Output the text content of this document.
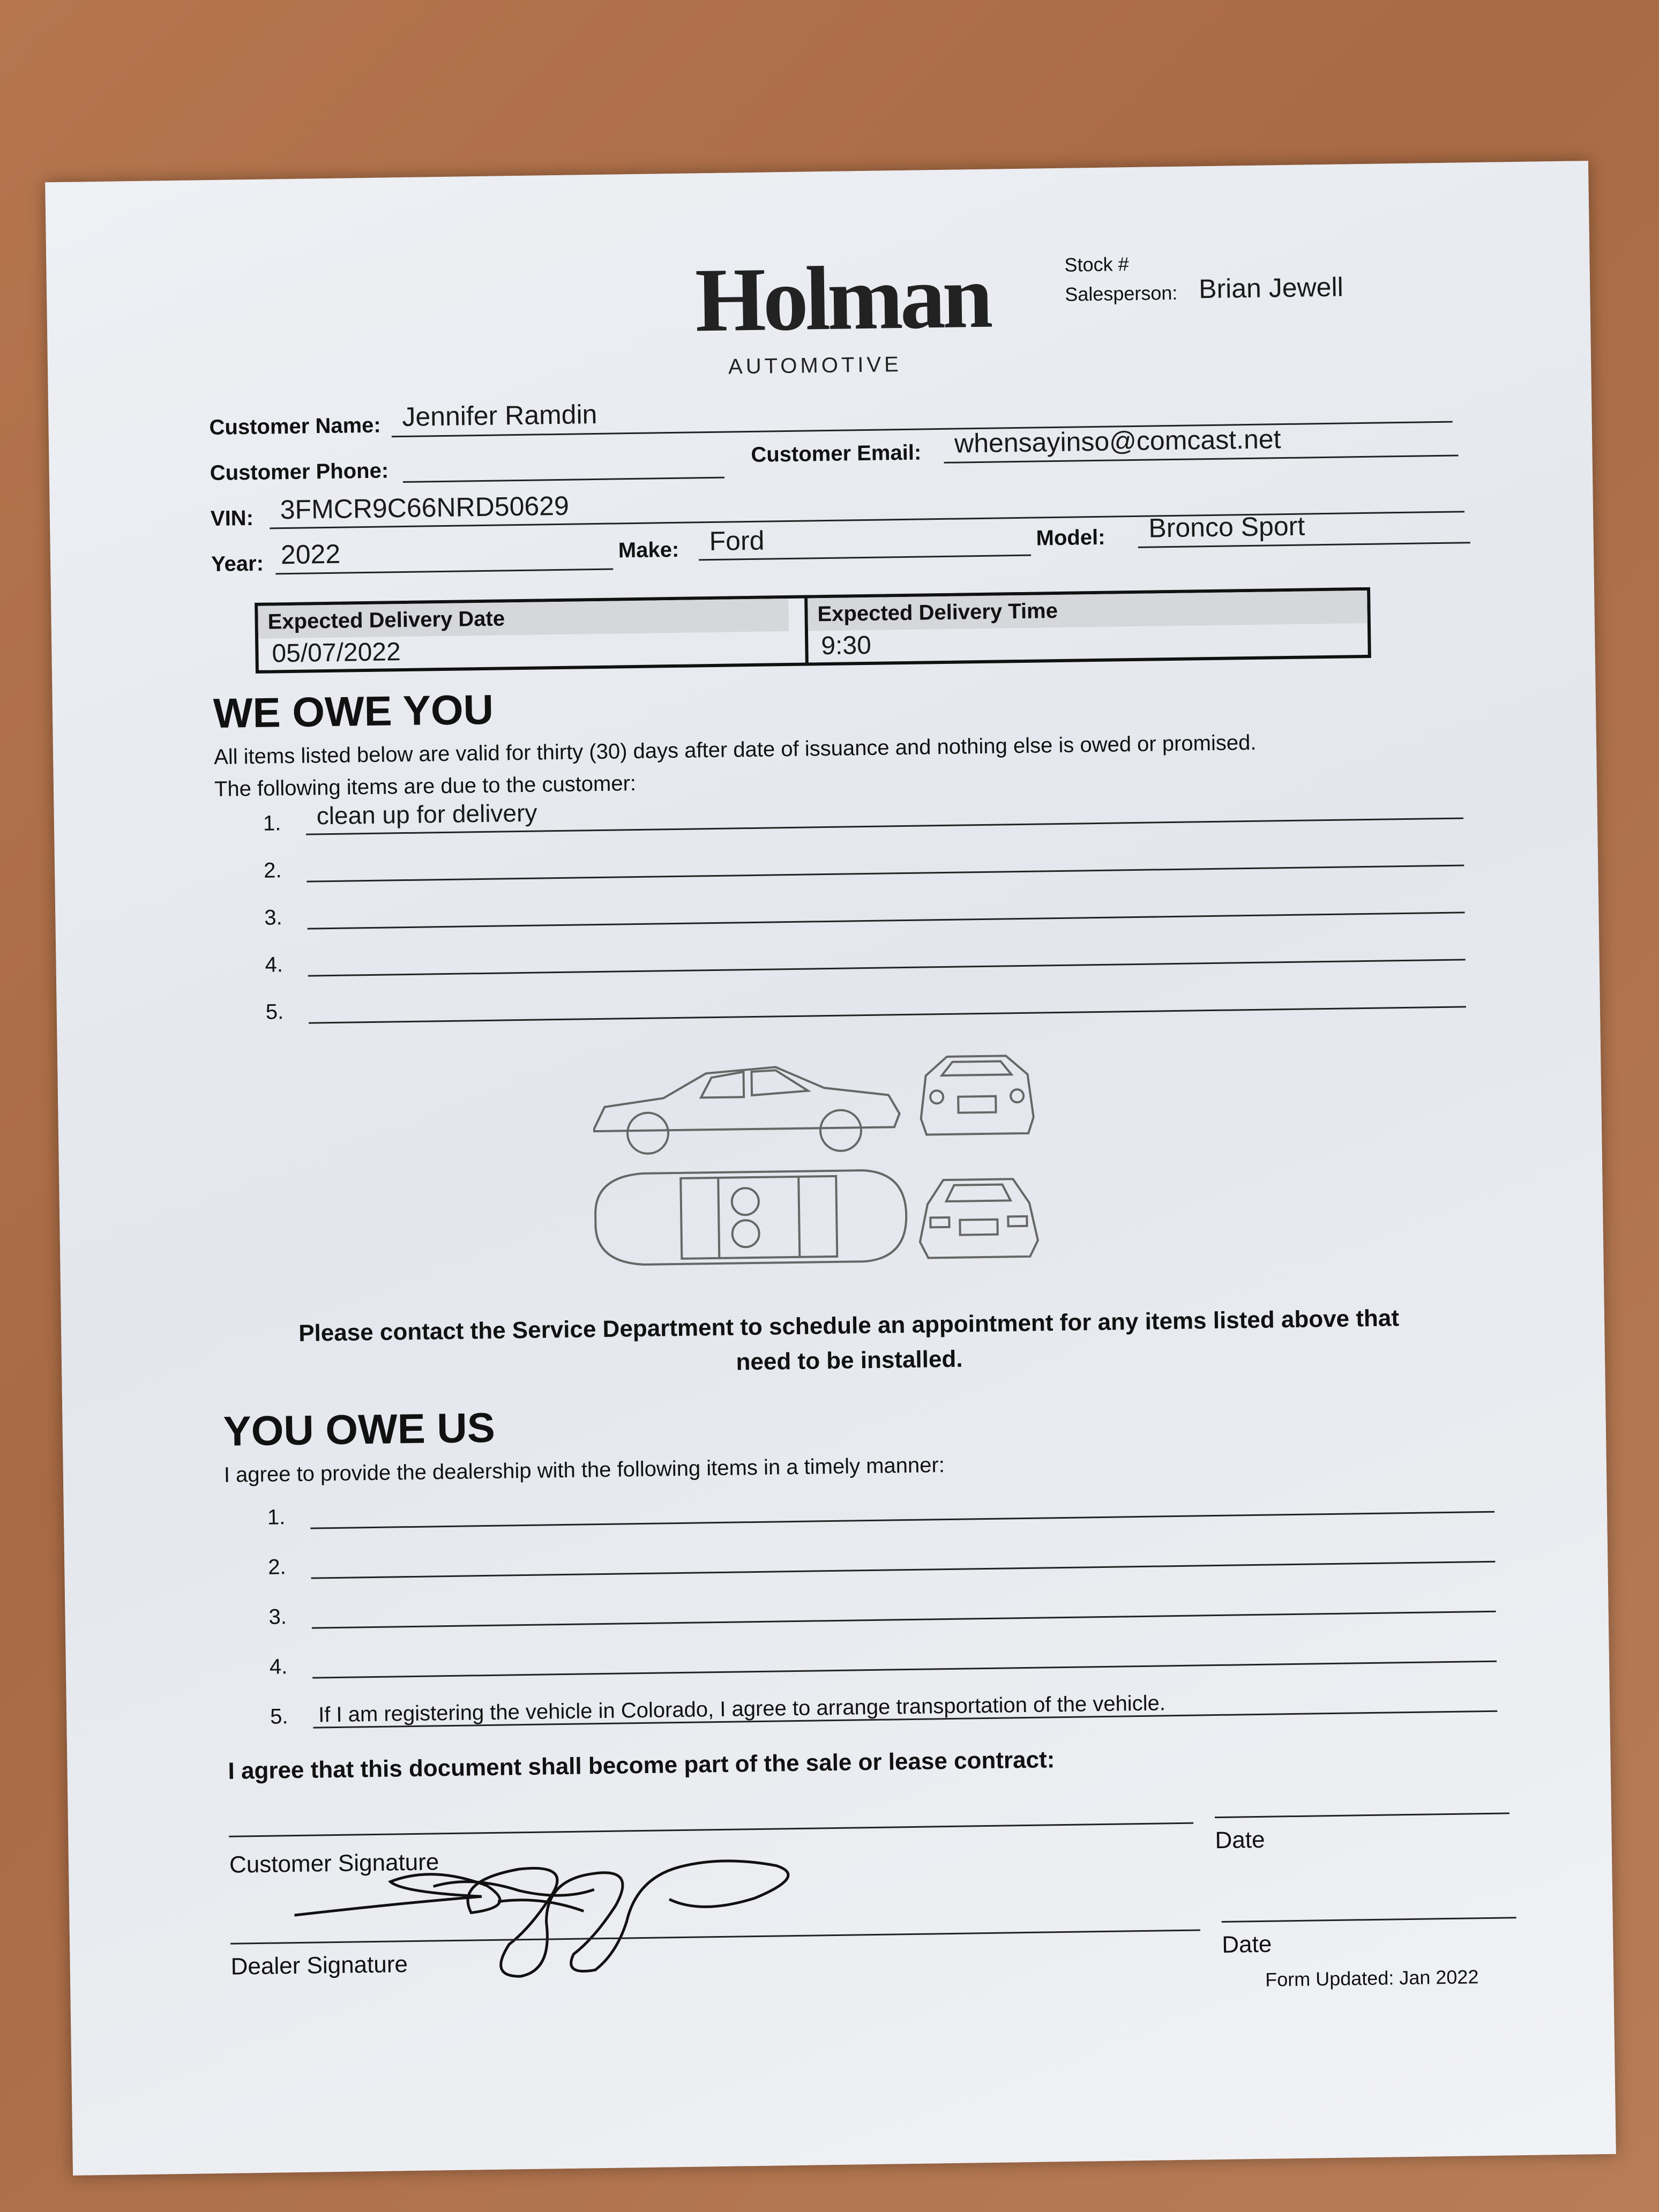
Holman
AUTOMOTIVE
Stock #
Salesperson: Brian Jewell
Customer Name: Jennifer Ramdin
Customer Phone:
Customer Email: whensayinso@comcast.net
VIN: 3FMCR9C66NRD50629
Year: 2022	Make: Ford	Model: Bronco Sport
Expected Delivery Date
05/07/2022
Expected Delivery Time
9:30
WE OWE YOU
All items listed below are valid for thirty (30) days after date of issuance and nothing else is owed or promised.
The following items are due to the customer:
1. clean up for delivery
2.
3.
4.
5.
Please contact the Service Department to schedule an appointment for any items listed above that
need to be installed.
YOU OWE US
I agree to provide the dealership with the following items in a timely manner:
1.
2.
3.
4.
5. If I am registering the vehicle in Colorado, I agree to arrange transportation of the vehicle.
I agree that this document shall become part of the sale or lease contract:
Customer Signature
Date
Dealer Signature
Date
Form Updated: Jan 2022
